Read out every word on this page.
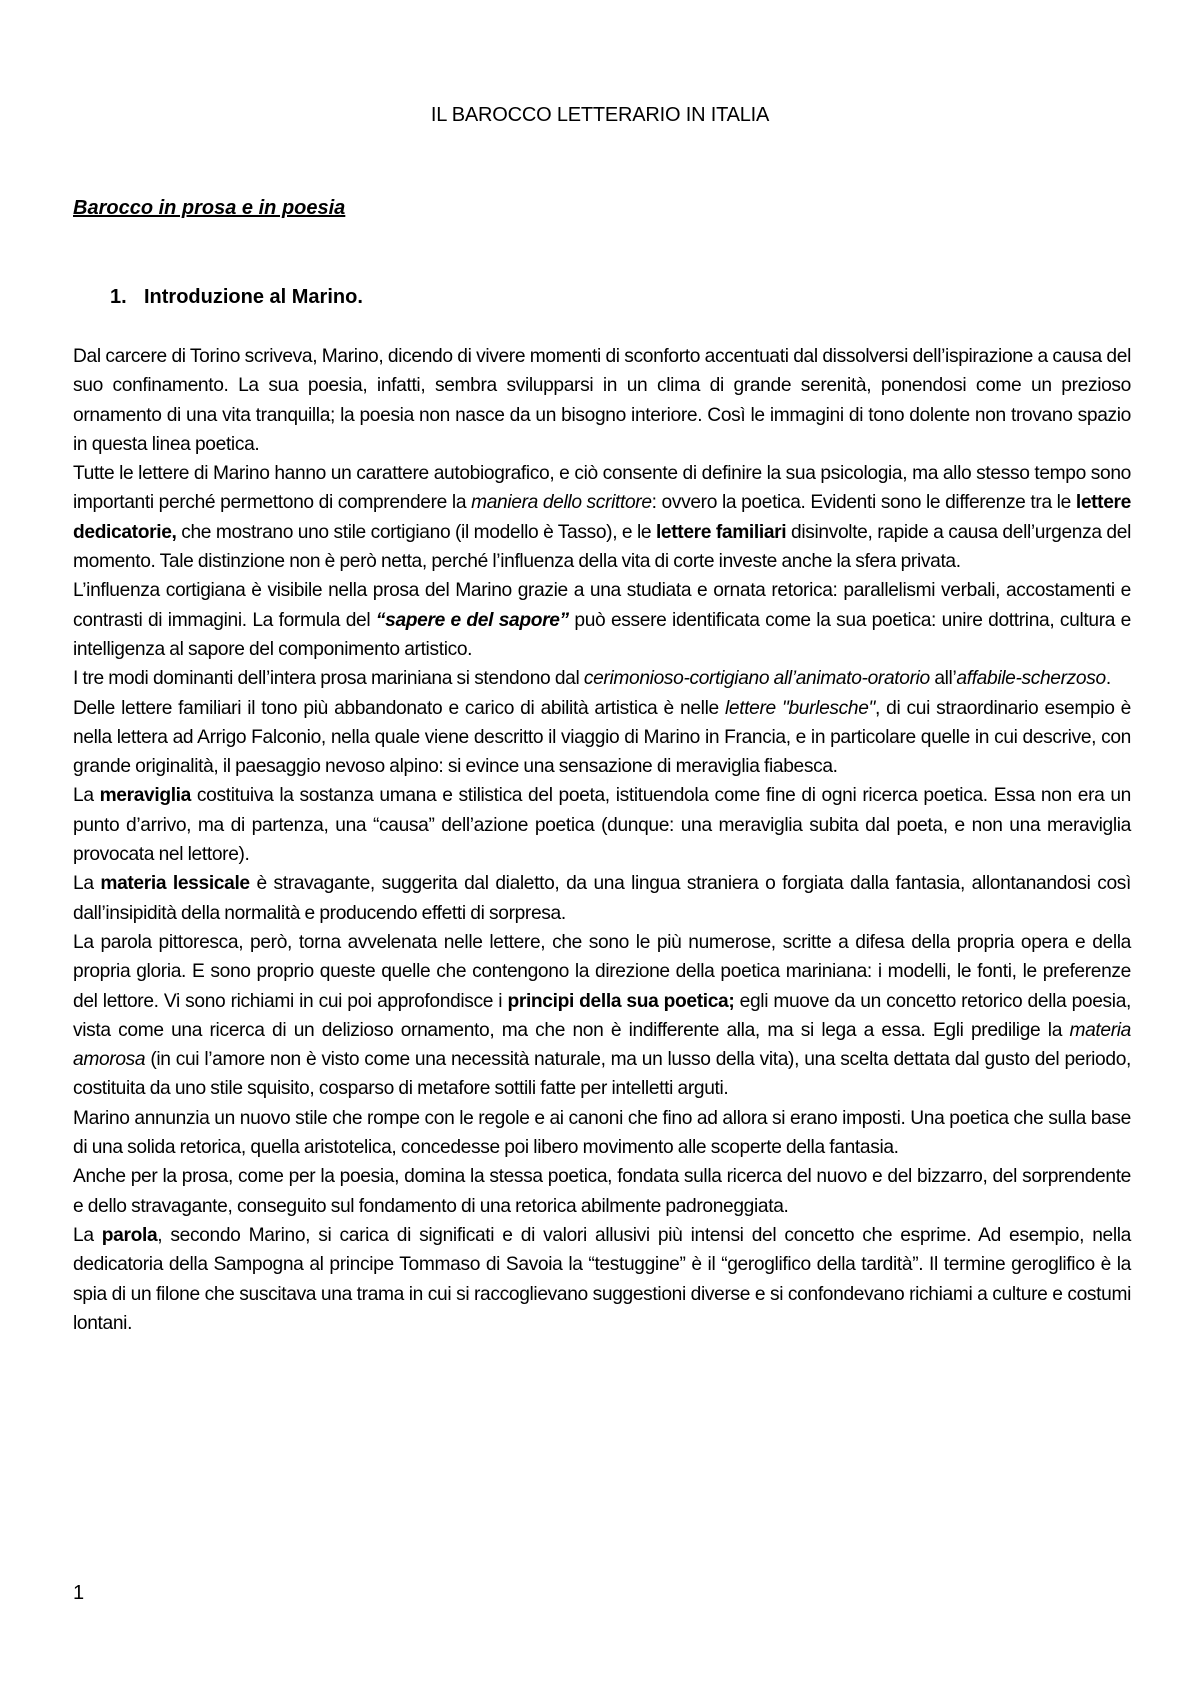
IL BAROCCO LETTERARIO IN ITALIA
Barocco in prosa e in poesia
1. Introduzione al Marino.

Dal carcere di Torino scriveva, Marino, dicendo di vivere momenti di sconforto accentuati dal dissolversi dell’ispirazione a causa del suo confinamento. La sua poesia, infatti, sembra svilupparsi in un clima di grande serenità, ponendosi come un prezioso ornamento di una vita tranquilla; la poesia non nasce da un bisogno interiore. Così le immagini di tono dolente non trovano spazio in questa linea poetica.

Tutte le lettere di Marino hanno un carattere autobiografico, e ciò consente di definire la sua psicologia, ma allo stesso tempo sono importanti perché permettono di comprendere la maniera dello scrittore: ovvero la poetica. Evidenti sono le differenze tra le lettere dedicatorie, che mostrano uno stile cortigiano (il modello è Tasso), e le lettere familiari disinvolte, rapide a causa dell’urgenza del momento. Tale distinzione non è però netta, perché l’influenza della vita di corte investe anche la sfera privata.

L’influenza cortigiana è visibile nella prosa del Marino grazie a una studiata e ornata retorica: parallelismi verbali, accostamenti e contrasti di immagini. La formula del “sapere e del sapore” può essere identificata come la sua poetica: unire dottrina, cultura e intelligenza al sapore del componimento artistico.

I tre modi dominanti dell’intera prosa mariniana si stendono dal cerimonioso-cortigiano all’animato-oratorio all’affabile-scherzoso.

Delle lettere familiari il tono più abbandonato e carico di abilità artistica è nelle lettere "burlesche", di cui straordinario esempio è nella lettera ad Arrigo Falconio, nella quale viene descritto il viaggio di Marino in Francia, e in particolare quelle in cui descrive, con grande originalità, il paesaggio nevoso alpino: si evince una sensazione di meraviglia fiabesca.

La meraviglia costituiva la sostanza umana e stilistica del poeta, istituendola come fine di ogni ricerca poetica. Essa non era un punto d’arrivo, ma di partenza, una “causa” dell’azione poetica (dunque: una meraviglia subita dal poeta, e non una meraviglia provocata nel lettore).

La materia lessicale è stravagante, suggerita dal dialetto, da una lingua straniera o forgiata dalla fantasia, allontanandosi così dall’insipidità della normalità e producendo effetti di sorpresa.

La parola pittoresca, però, torna avvelenata nelle lettere, che sono le più numerose, scritte a difesa della propria opera e della propria gloria. E sono proprio queste quelle che contengono la direzione della poetica mariniana: i modelli, le fonti, le preferenze del lettore. Vi sono richiami in cui poi approfondisce i principi della sua poetica; egli muove da un concetto retorico della poesia, vista come una ricerca di un delizioso ornamento, ma che non è indifferente alla, ma si lega a essa. Egli predilige la materia amorosa (in cui l’amore non è visto come una necessità naturale, ma un lusso della vita), una scelta dettata dal gusto del periodo, costituita da uno stile squisito, cosparso di metafore sottili fatte per intelletti arguti.

Marino annunzia un nuovo stile che rompe con le regole e ai canoni che fino ad allora si erano imposti. Una poetica che sulla base di una solida retorica, quella aristotelica, concedesse poi libero movimento alle scoperte della fantasia.

Anche per la prosa, come per la poesia, domina la stessa poetica, fondata sulla ricerca del nuovo e del bizzarro, del sorprendente e dello stravagante, conseguito sul fondamento di una retorica abilmente padroneggiata.

La parola, secondo Marino, si carica di significati e di valori allusivi più intensi del concetto che esprime. Ad esempio, nella dedicatoria della Sampogna al principe Tommaso di Savoia la “testuggine” è il “geroglifico della tardità”. Il termine geroglifico è la spia di un filone che suscitava una trama in cui si raccoglievano suggestioni diverse e si confondevano richiami a culture e costumi lontani.

1
